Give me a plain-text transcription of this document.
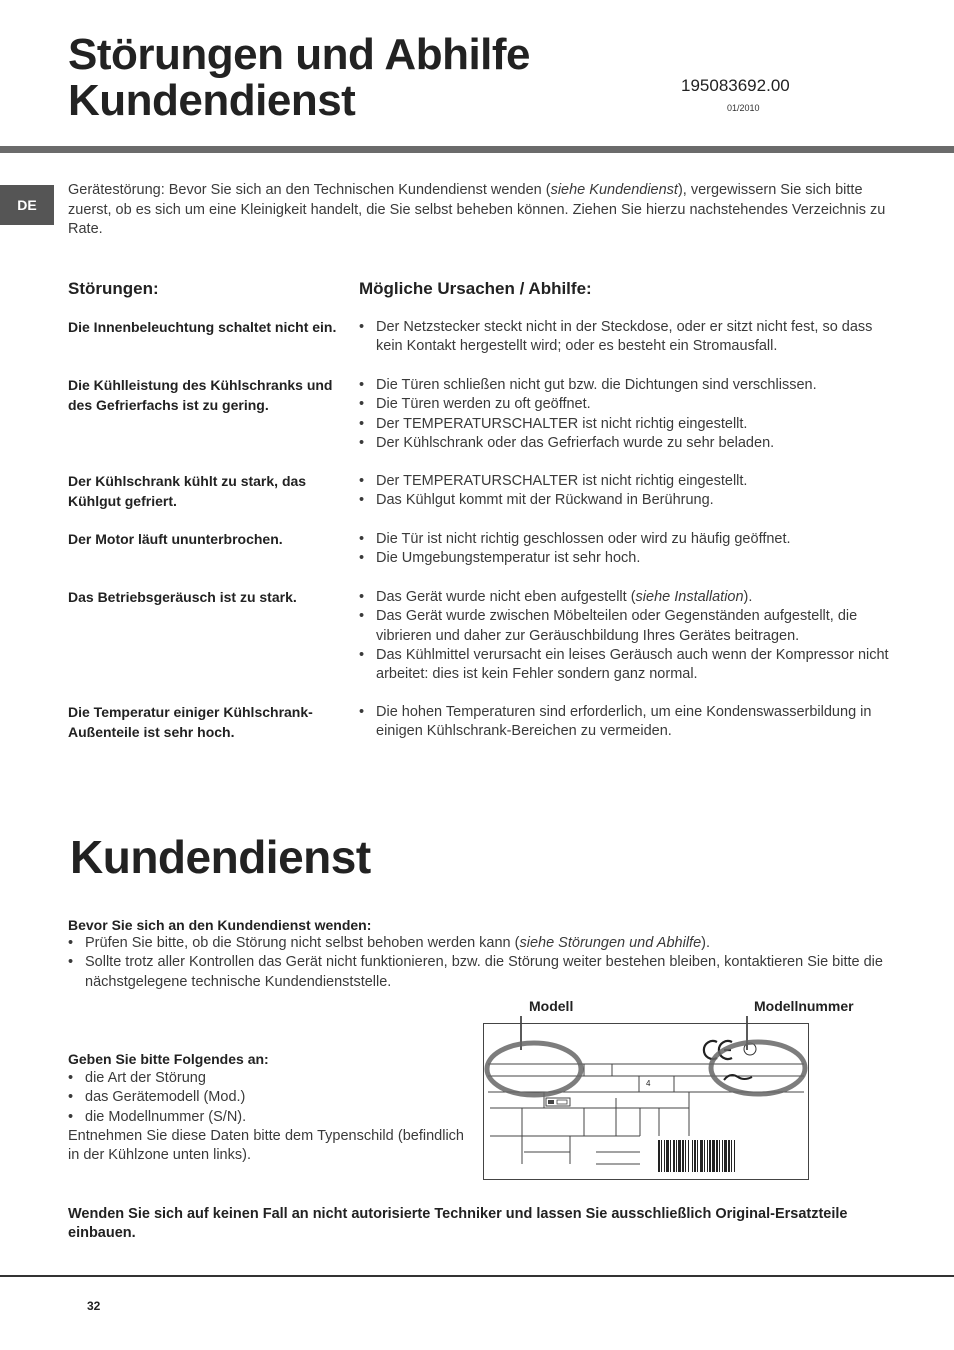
Störungen und Abhilfe
Kundendienst	195083692.00
01/2010
DE
Gerätestörung: Bevor Sie sich an den Technischen Kundendienst wenden (siehe Kundendienst), vergewissern Sie sich bitte zuerst, ob es sich um eine Kleinigkeit handelt, die Sie selbst beheben können. Ziehen Sie hierzu nachstehendes Verzeichnis zu Rate.
Störungen:	Mögliche Ursachen / Abhilfe:
Die Innenbeleuchtung schaltet nicht ein.	• Der Netzstecker steckt nicht in der Steckdose, oder er sitzt nicht fest, so dass kein Kontakt hergestellt wird; oder es besteht ein Stromausfall.
Die Kühlleistung des Kühlschranks und des Gefrierfachs ist zu gering.
• Die Türen schließen nicht gut bzw. die Dichtungen sind verschlissen.
• Die Türen werden zu oft geöffnet.
• Der TEMPERATURSCHALTER ist nicht richtig eingestellt.
• Der Kühlschrank oder das Gefrierfach wurde zu sehr beladen.
Der Kühlschrank kühlt zu stark, das Kühlgut gefriert.
• Der TEMPERATURSCHALTER ist nicht richtig eingestellt.
• Das Kühlgut kommt mit der Rückwand in Berührung.
Der Motor läuft ununterbrochen.	• Die Tür ist nicht richtig geschlossen oder wird zu häufig geöffnet.
• Die Umgebungstemperatur ist sehr hoch.
Das Betriebsgeräusch ist zu stark.	• Das Gerät wurde nicht eben aufgestellt (siehe Installation).
• Das Gerät wurde zwischen Möbelteilen oder Gegenständen aufgestellt, die vibrieren und daher zur Geräuschbildung Ihres Gerätes beitragen.
• Das Kühlmittel verursacht ein leises Geräusch auch wenn der Kompressor nicht arbeitet: dies ist kein Fehler sondern ganz normal.
Die Temperatur einiger Kühlschrank-Außenteile ist sehr hoch.
• Die hohen Temperaturen sind erforderlich, um eine Kondenswasserbildung in einigen Kühlschrank-Bereichen zu vermeiden.
Kundendienst
Bevor Sie sich an den Kundendienst wenden:
• Prüfen Sie bitte, ob die Störung nicht selbst behoben werden kann (siehe Störungen und Abhilfe).
• Sollte trotz aller Kontrollen das Gerät nicht funktionieren, bzw. die Störung weiter bestehen bleiben, kontaktieren Sie bitte die nächstgelegene technische Kundendienststelle.
Geben Sie bitte Folgendes an:
• die Art der Störung
• das Gerätemodell (Mod.)
• die Modellnummer (S/N).
Entnehmen Sie diese Daten bitte dem Typenschild (befindlich in der Kühlzone unten links).
Modell	Modellnummer
4
Wenden Sie sich auf keinen Fall an nicht autorisierte Techniker und lassen Sie ausschließlich Original-Ersatzteile einbauen.
32
